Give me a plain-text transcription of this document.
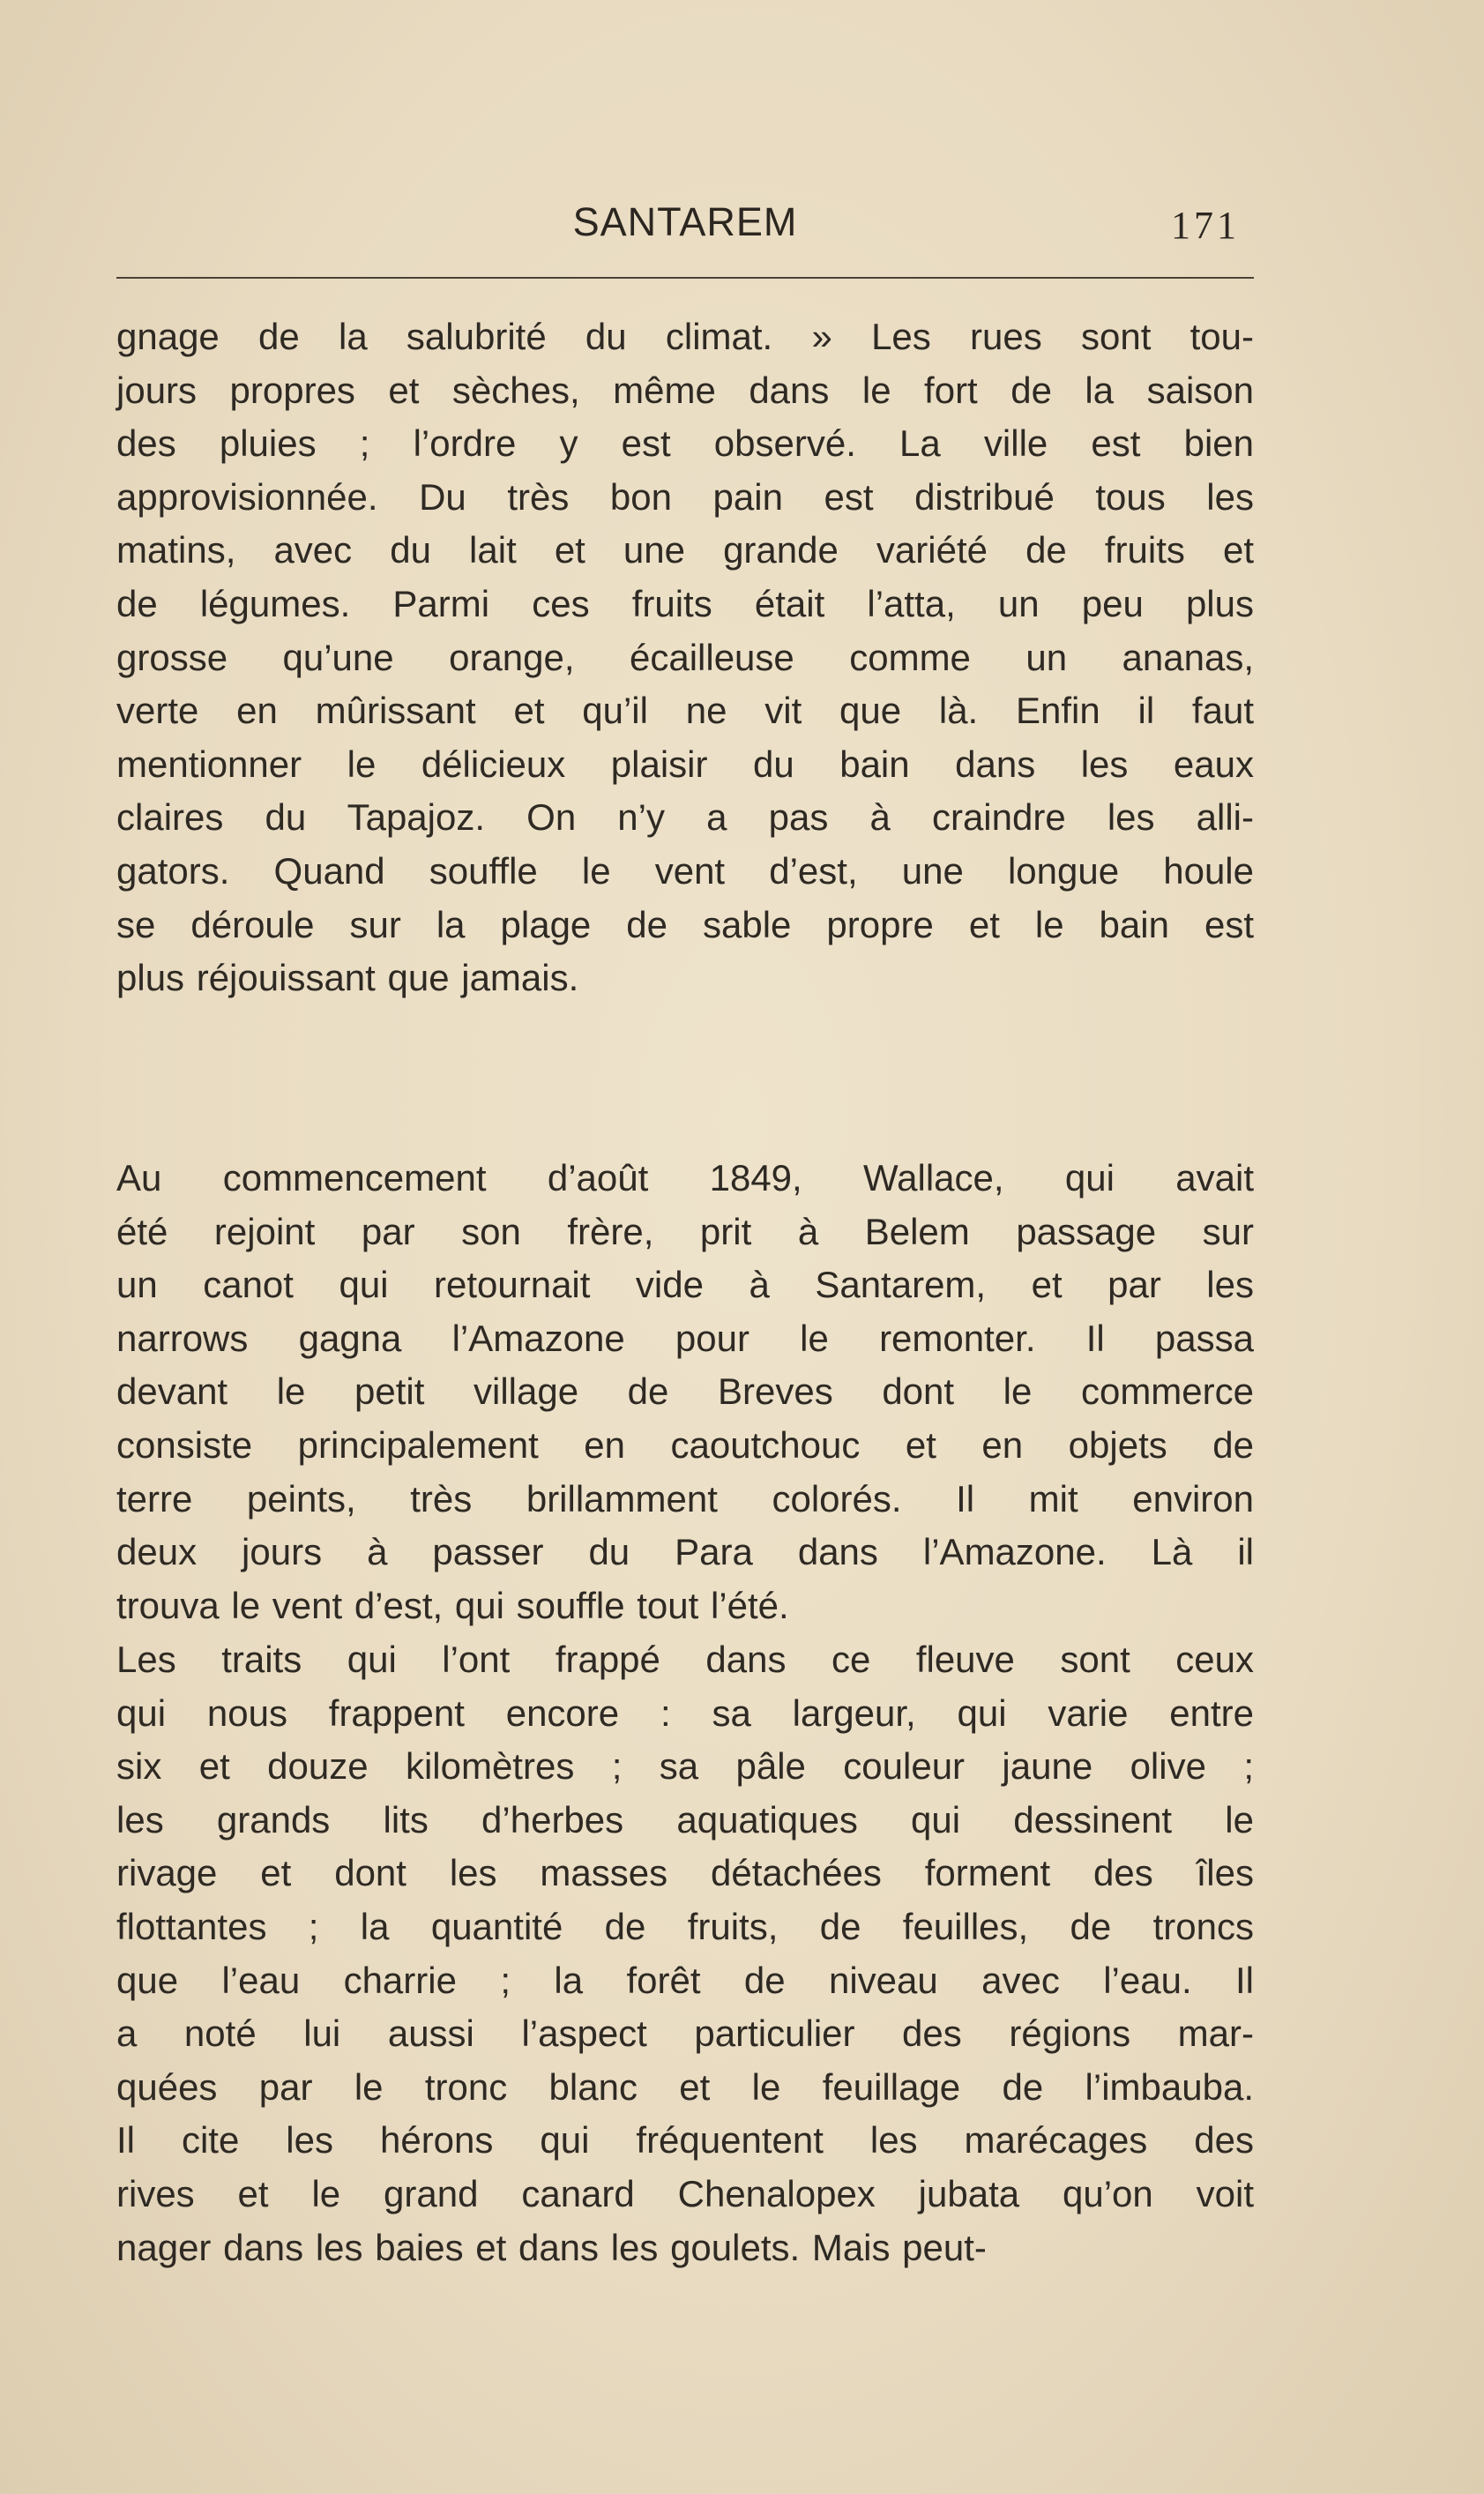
SANTAREM	171
gnage de la salubrité du climat. » Les rues sont tou-
jours propres et sèches, même dans le fort de la saison
des pluies ; l’ordre y est observé. La ville est bien
approvisionnée. Du très bon pain est distribué tous les
matins, avec du lait et une grande variété de fruits et
de légumes. Parmi ces fruits était l’atta, un peu plus
grosse qu’une orange, écailleuse comme un ananas,
verte en mûrissant et qu’il ne vit que là. Enfin il faut
mentionner le délicieux plaisir du bain dans les eaux
claires du Tapajoz. On n’y a pas à craindre les alli-
gators. Quand souffle le vent d’est, une longue houle
se déroule sur la plage de sable propre et le bain est
plus réjouissant que jamais.
Au commencement d’août 1849, Wallace, qui avait
été rejoint par son frère, prit à Belem passage sur
un canot qui retournait vide à Santarem, et par les
narrows gagna l’Amazone pour le remonter. Il passa
devant le petit village de Breves dont le commerce
consiste principalement en caoutchouc et en objets de
terre peints, très brillamment colorés. Il mit environ
deux jours à passer du Para dans l’Amazone. Là il
trouva le vent d’est, qui souffle tout l’été.
Les traits qui l’ont frappé dans ce fleuve sont ceux
qui nous frappent encore : sa largeur, qui varie entre
six et douze kilomètres ; sa pâle couleur jaune olive ;
les grands lits d’herbes aquatiques qui dessinent le
rivage et dont les masses détachées forment des îles
flottantes ; la quantité de fruits, de feuilles, de troncs
que l’eau charrie ; la forêt de niveau avec l’eau. Il
a noté lui aussi l’aspect particulier des régions mar-
quées par le tronc blanc et le feuillage de l’imbauba.
Il cite les hérons qui fréquentent les marécages des
rives et le grand canard Chenalopex jubata qu’on voit
nager dans les baies et dans les goulets. Mais peut-
